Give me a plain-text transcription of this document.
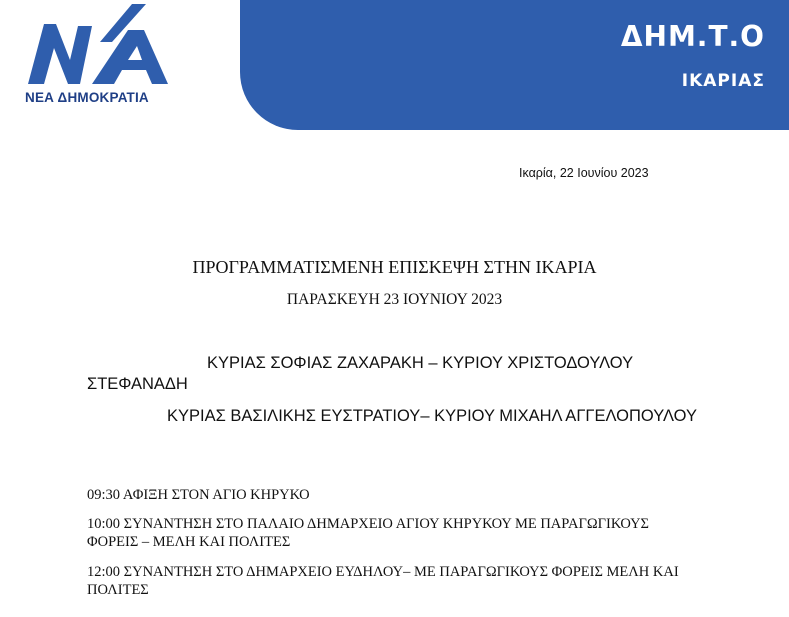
ΝΕΑ ΔΗΜΟΚΡΑΤΙΑ
ΔΗΜ.Τ.Ο
ΙΚΑΡΙΑΣ
Ικαρία, 22 Ιουνίου 2023
ΠΡΟΓΡΑΜΜΑΤΙΣΜΕΝΗ ΕΠΙΣΚΕΨΗ ΣΤΗΝ ΙΚΑΡΙΑ
ΠΑΡΑΣΚΕΥΗ 23 ΙΟΥΝΙΟΥ 2023
ΚΥΡΙΑΣ ΣΟΦΙΑΣ ΖΑΧΑΡΑΚΗ – ΚΥΡΙΟΥ ΧΡΙΣΤΟΔΟΥΛΟΥ ΣΤΕΦΑΝΑΔΗ
ΚΥΡΙΑΣ ΒΑΣΙΛΙΚΗΣ ΕΥΣΤΡΑΤΙΟΥ– ΚΥΡΙΟΥ ΜΙΧΑΗΛ ΑΓΓΕΛΟΠΟΥΛΟΥ
09:30 ΑΦΙΞΗ ΣΤΟΝ ΑΓΙΟ ΚΗΡΥΚΟ
10:00 ΣΥΝΑΝΤΗΣΗ ΣΤΟ ΠΑΛΑΙΟ ΔΗΜΑΡΧΕΙΟ ΑΓΙΟΥ ΚΗΡΥΚΟΥ ΜΕ ΠΑΡΑΓΩΓΙΚΟΥΣ ΦΟΡΕΙΣ – ΜΕΛΗ ΚΑΙ ΠΟΛΙΤΕΣ
12:00 ΣΥΝΑΝΤΗΣΗ ΣΤΟ ΔΗΜΑΡΧΕΙΟ ΕΥΔΗΛΟΥ– ΜΕ ΠΑΡΑΓΩΓΙΚΟΥΣ ΦΟΡΕΙΣ ΜΕΛΗ ΚΑΙ ΠΟΛΙΤΕΣ
